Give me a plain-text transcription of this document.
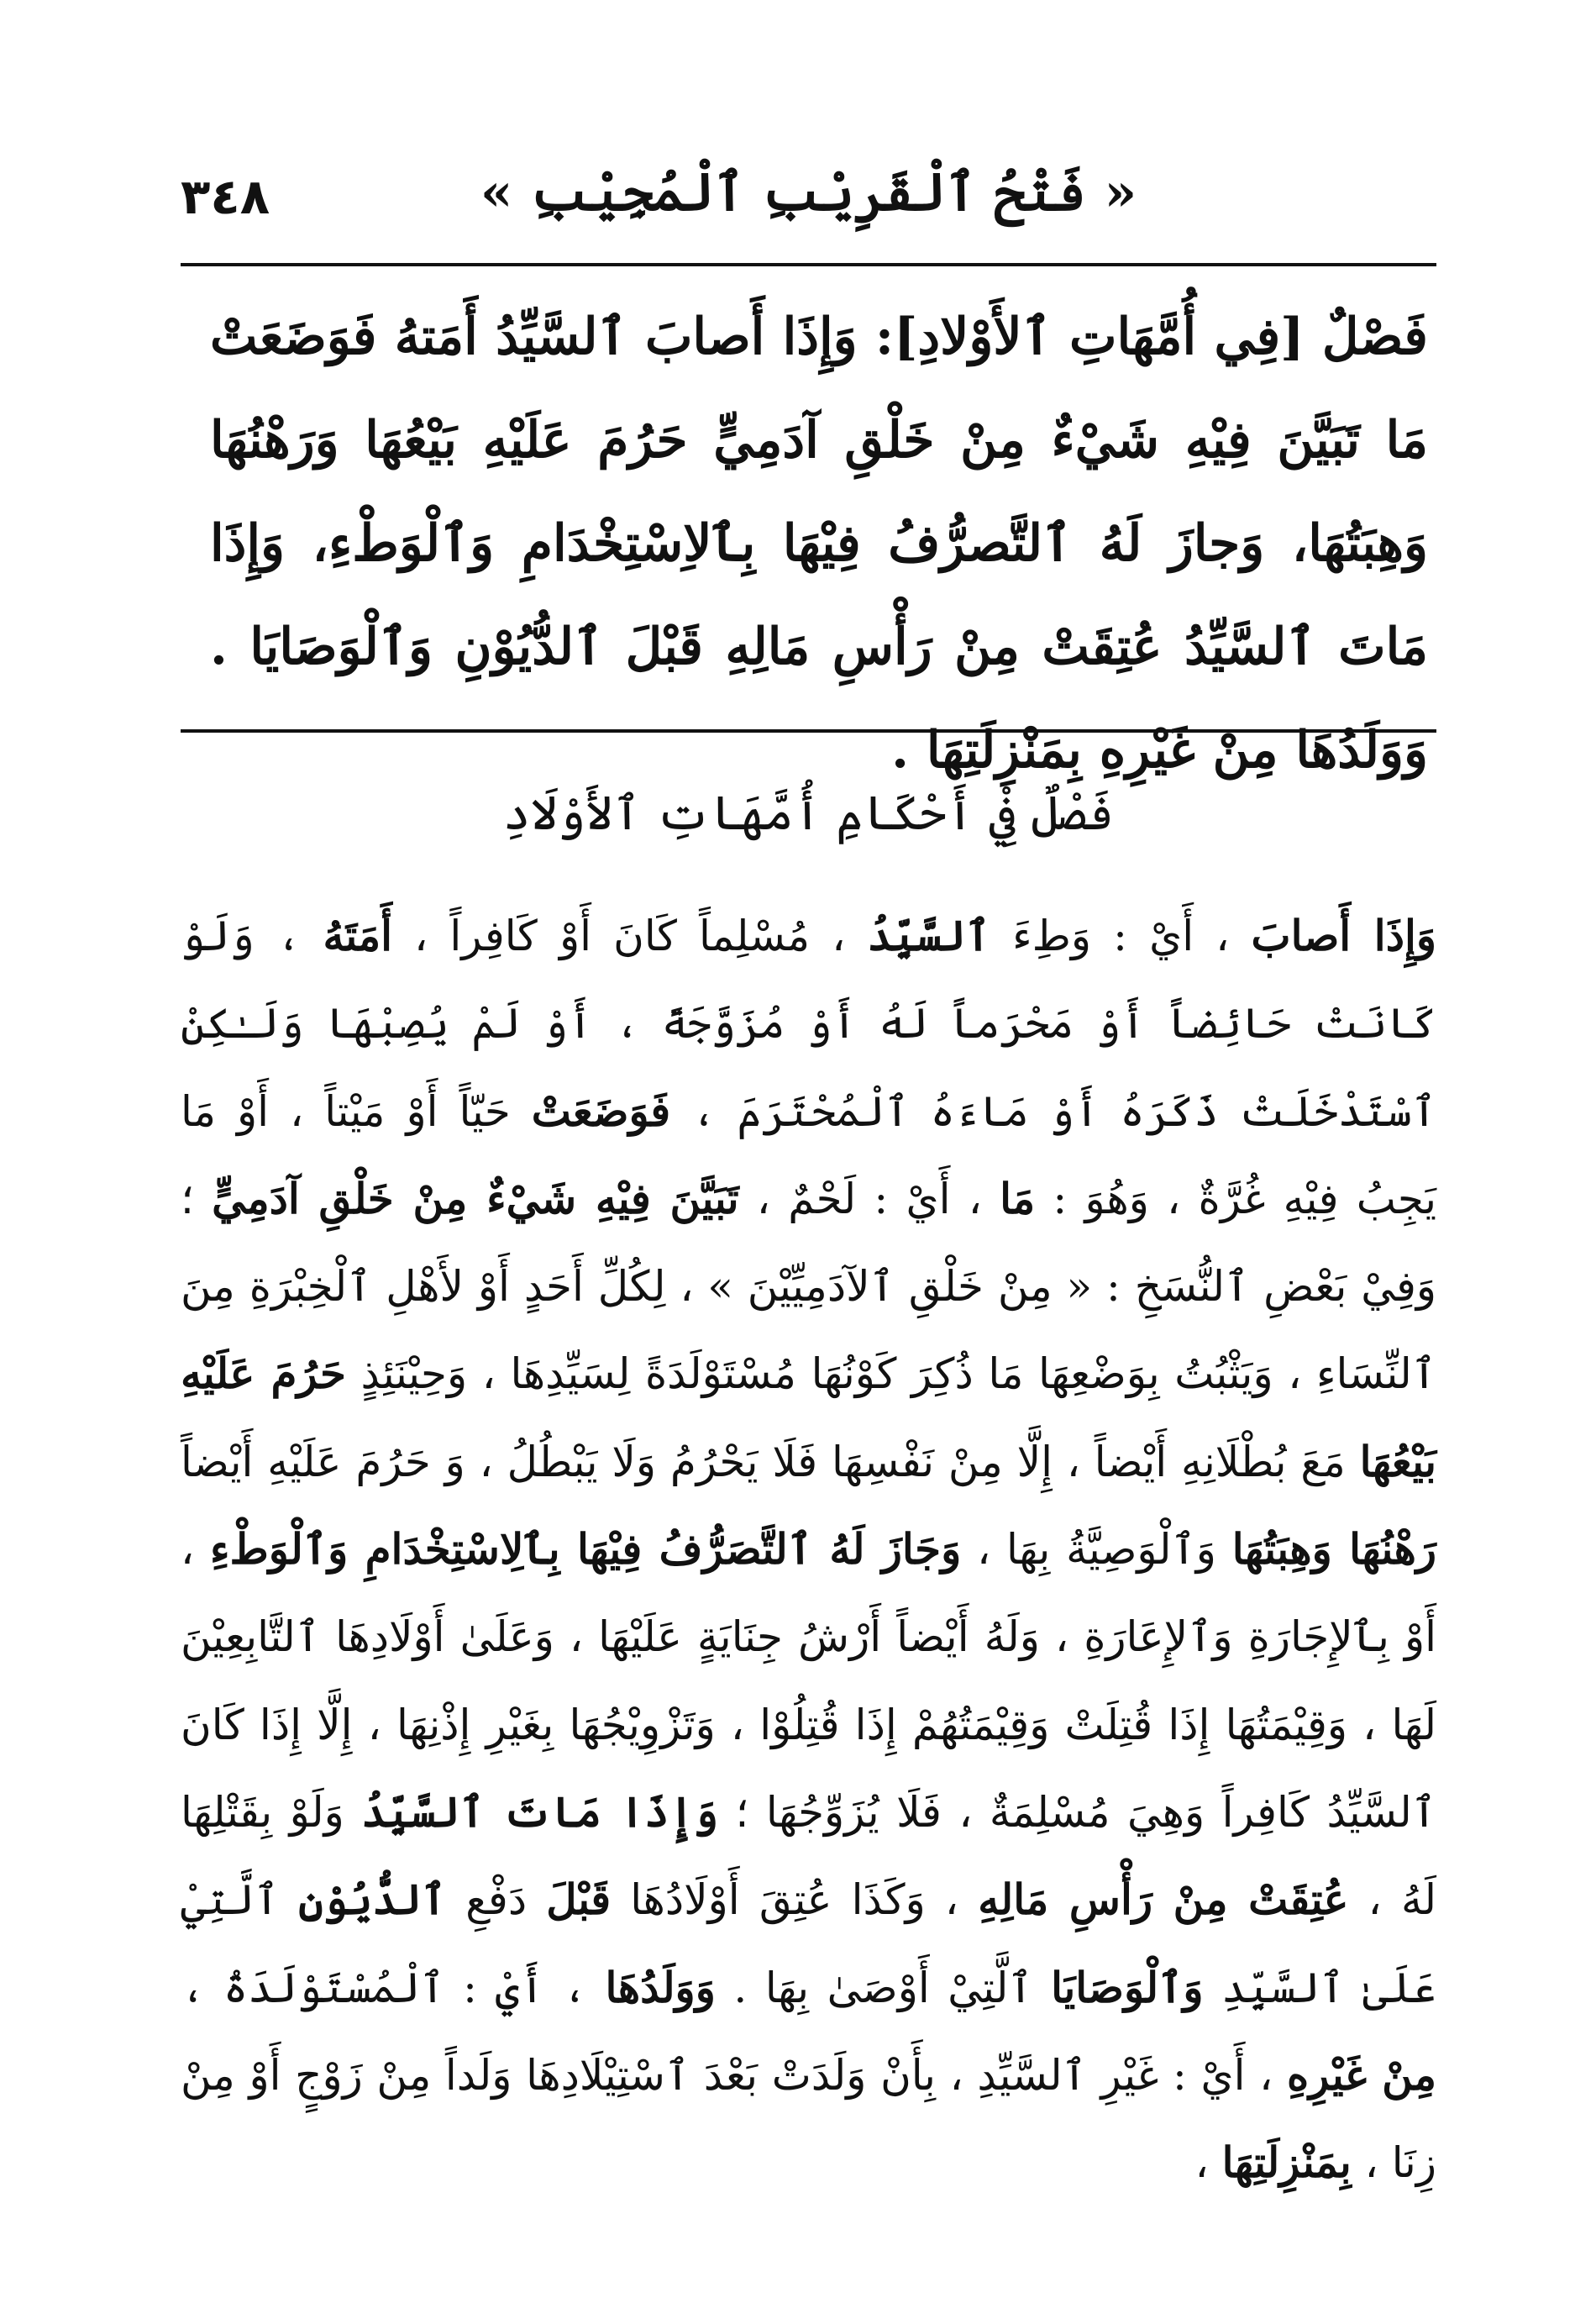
٣٤٨	« فَتْحُ ٱلْقَرِيْبِ ٱلْمُجِيْبِ »
فَصْلٌ [فِي أُمَّهَاتِ ٱلأَوْلادِ]: وَإِذَا أَصابَ ٱلسَّيِّدُ أَمَتهُ فَوَضَعَتْ مَا تَبَيَّنَ فِيْهِ شَيْءٌ مِنْ خَلْقِ آدَمِيٍّ حَرُمَ عَلَيْهِ بَيْعُهَا وَرَهْنُهَا وَهِبَتُهَا، وَجازَ لَهُ ٱلتَّصرُّفُ فِيْهَا بِٱلاِسْتِخْدَامِ وَٱلْوَطْءِ، وَإِذَا مَاتَ ٱلسَّيِّدُ عُتِقَتْ مِنْ رَأْسِ مَالِهِ قَبْلَ ٱلدُّيُوْنِ وَٱلْوَصَايَا . وَوَلَدُهَا مِنْ غَيْرِهِ بِمَنْزِلَتِهَا .
فَصْلٌ فِيْ أَحْكَامِ أُمَّهَاتِ ٱلأَوْلَادِ
وَإِذَا أَصابَ ، أَيْ : وَطِءَ ٱلسَّيِّدُ ، مُسْلِماً كَانَ أَوْ كَافِراً ، أَمَتَهُ ، وَلَوْ كَانَتْ حَائِضاً أَوْ مَحْرَماً لَهُ أَوْ مُزَوَّجَةً ، أَوْ لَمْ يُصِبْهَا وَلَـٰكِنْ ٱسْتَدْخَلَتْ ذَكَرَهُ أَوْ مَاءَهُ ٱلْمُحْتَرَمَ ، فَوَضَعَتْ حَيّاً أَوْ مَيْتاً ، أَوْ مَا يَجِبُ فِيْهِ غُرَّةٌ ، وَهُوَ : مَا ، أَيْ : لَحْمٌ ، تَبَيَّنَ فِيْهِ شَيْءٌ مِنْ خَلْقِ آدَمِيٍّ ؛ وَفِيْ بَعْضِ ٱلنُّسَخِ : « مِنْ خَلْقِ ٱلآدَمِيِّيْنَ » ، لِكُلِّ أَحَدٍ أَوْ لأَهْلِ ٱلْخِبْرَةِ مِنَ ٱلنِّسَاءِ ، وَيَثْبُتُ بِوَضْعِهَا مَا ذُكِرَ كَوْنُهَا مُسْتَوْلَدَةً لِسَيِّدِهَا ، وَحِيْنَئِذٍ حَرُمَ عَلَيْهِ بَيْعُهَا مَعَ بُطْلَانِهِ أَيْضاً ، إِلَّا مِنْ نَفْسِهَا فَلَا يَحْرُمُ وَلَا يَبْطُلُ ، وَ حَرُمَ عَلَيْهِ أَيْضاً رَهْنُهَا وَهِبَتُهَا وَٱلْوَصِيَّةُ بِهَا ، وَجَازَ لَهُ ٱلتَّصَرُّفُ فِيْهَا بِٱلِاسْتِخْدَامِ وَٱلْوَطْءِ ، أَوْ بِٱلإِجَارَةِ وَٱلإِعَارَةِ ، وَلَهُ أَيْضاً أَرْشُ جِنَايَةٍ عَلَيْهَا ، وَعَلَىٰ أَوْلَادِهَا ٱلتَّابِعِيْنَ لَهَا ، وَقِيْمَتُهَا إِذَا قُتِلَتْ وَقِيْمَتُهُمْ إِذَا قُتِلُوْا ، وَتَزْوِيْجُهَا بِغَيْرِ إِذْنِهَا ، إِلَّا إِذَا كَانَ ٱلسَّيِّدُ كَافِراً وَهِيَ مُسْلِمَةٌ ، فَلَا يُزَوِّجُهَا ؛ وَإِذَا مَاتَ ٱلسَّيِّدُ وَلَوْ بِقَتْلِهَا لَهُ ، عُتِقَتْ مِنْ رَأْسِ مَالِهِ ، وَكَذَا عُتِقَ أَوْلَادُهَا قَبْلَ دَفْعِ ٱلدُّيُوْنِ ٱلَّتِيْ عَلَىٰ ٱلسَّيِّدِ وَٱلْوَصَايَا ٱلَّتِيْ أَوْصَىٰ بِهَا . وَوَلَدُهَا ، أَيْ : ٱلْمُسْتَوْلَدَةُ ، مِنْ غَيْرِهِ ، أَيْ : غَيْرِ ٱلسَّيِّدِ ، بِأَنْ وَلَدَتْ بَعْدَ ٱسْتِيْلَادِهَا وَلَداً مِنْ زَوْجٍ أَوْ مِنْ زِنَا ، بِمَنْزِلَتِهَا ،
